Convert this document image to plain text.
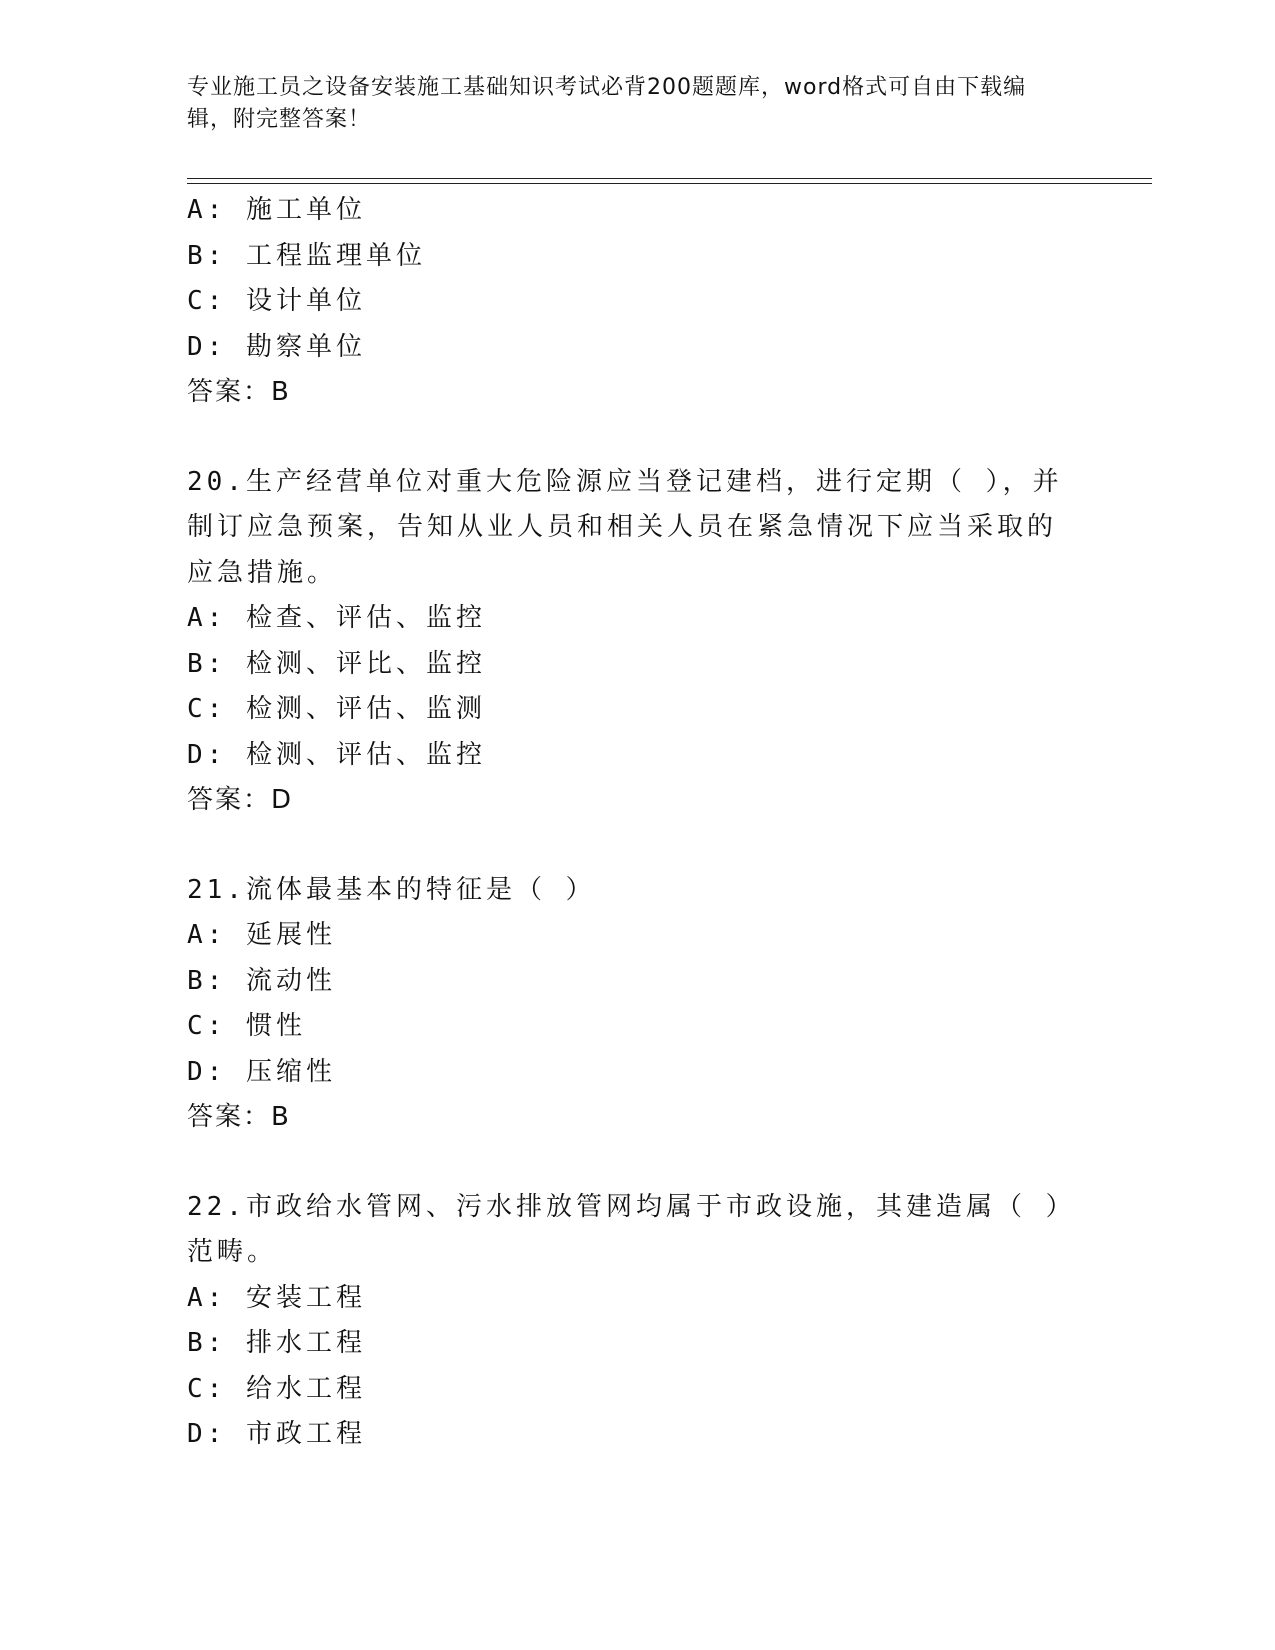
专业施工员之设备安装施工基础知识考试必背200题题库，word格式可自由下载编辑，附完整答案！

A: 施工单位

B: 工程监理单位

C: 设计单位

D: 勘察单位

答案：B

20.生产经营单位对重大危险源应当登记建档，进行定期（ ），并制订应急预案，告知从业人员和相关人员在紧急情况下应当采取的应急措施。

A: 检查、评估、监控

B: 检测、评比、监控

C: 检测、评估、监测

D: 检测、评估、监控

答案：D

21.流体最基本的特征是（ ）

A: 延展性

B: 流动性

C: 惯性

D: 压缩性

答案：B

22.市政给水管网、污水排放管网均属于市政设施，其建造属（ ）范畴。

A: 安装工程

B: 排水工程

C: 给水工程

D: 市政工程
